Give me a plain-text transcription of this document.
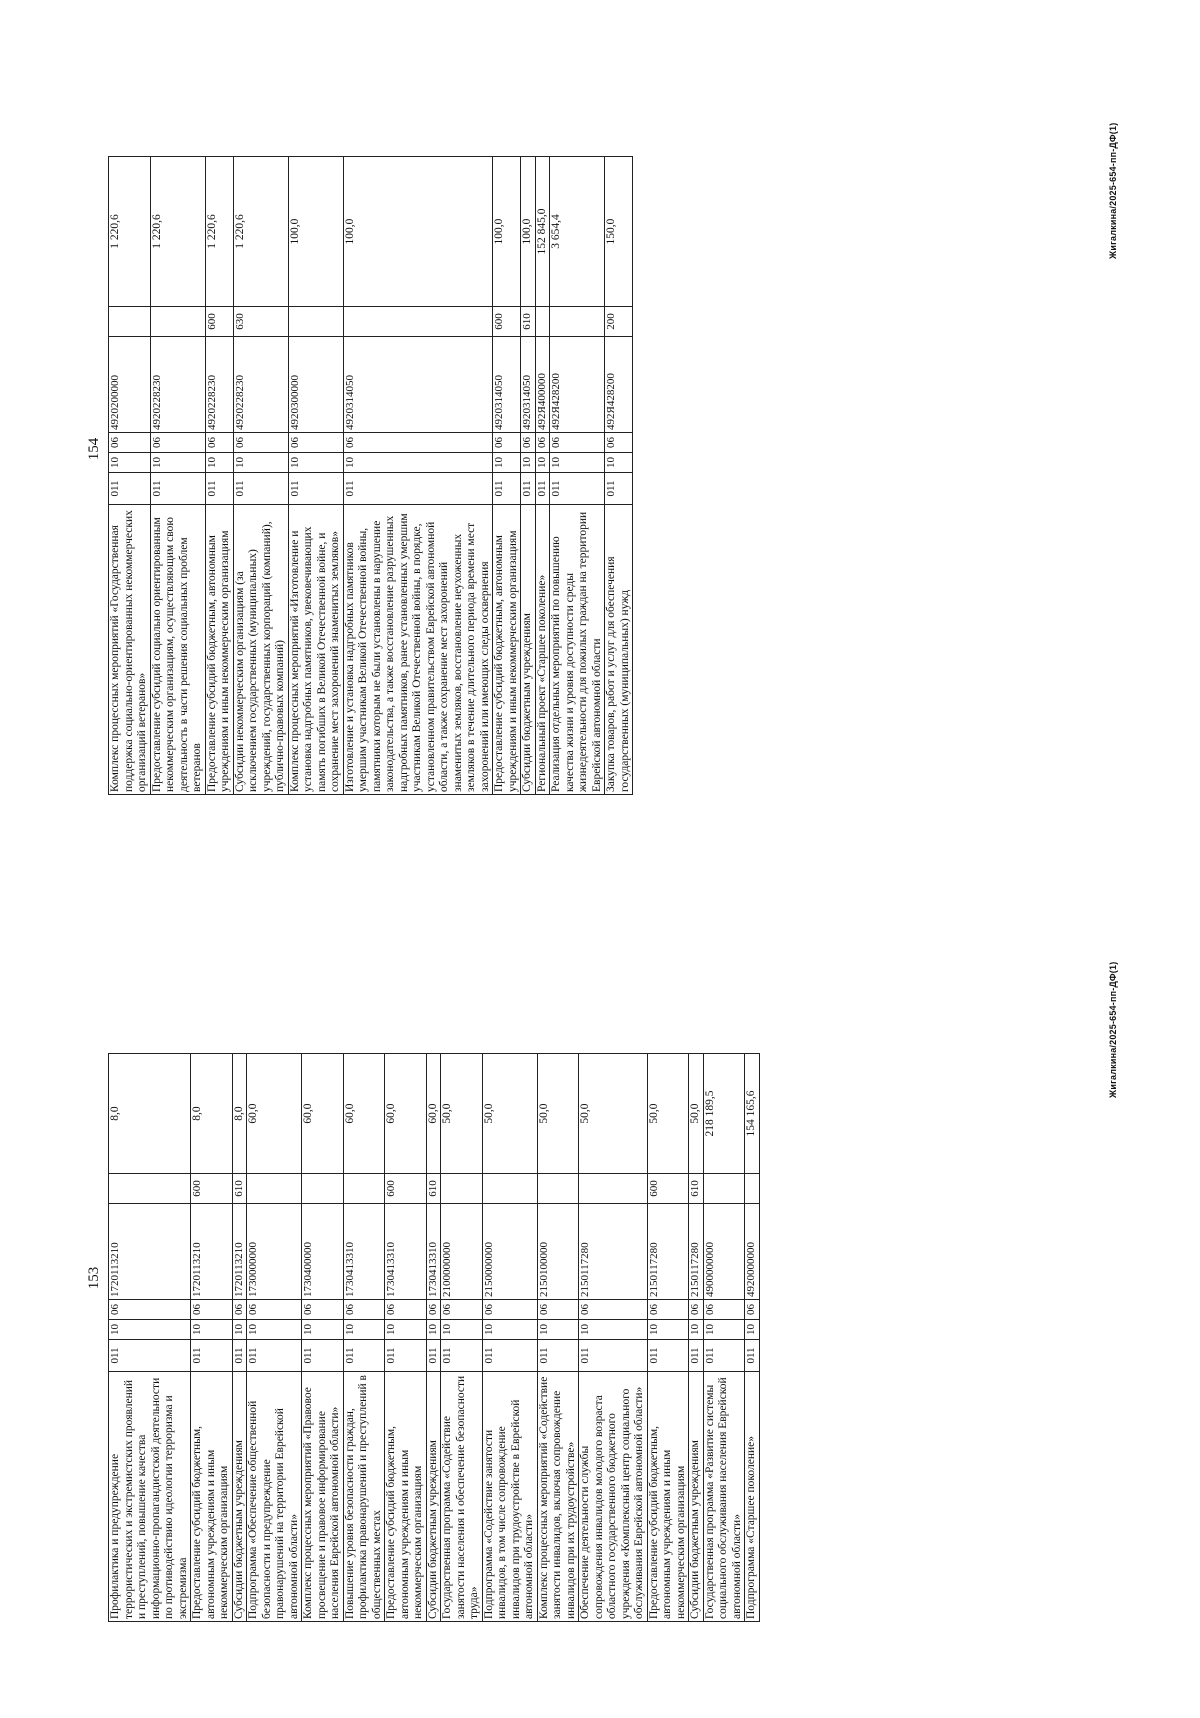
153
Профилактика и предупреждение террористических и экстремистских проявлений и преступлений, повышение качества информационно-пропагандистской деятельности по противодействию идеологии терроризма и экстремизма	011	10	06	1720113210		8,0
Предоставление субсидий бюджетным, автономным учреждениям и иным некоммерческим организациям	011	10	06	1720113210	600	8,0
Субсидии бюджетным учреждениям	011	10	06	1720113210	610	8,0
Подпрограмма «Обеспечение общественной безопасности и предупреждение правонарушений на территории Еврейской автономной области»	011	10	06	1730000000		60,0
Комплекс процессных мероприятий «Правовое просвещение и правовое информирование населения Еврейской автономной области»	011	10	06	1730400000		60,0
Повышение уровня безопасности граждан, профилактика правонарушений и преступлений в общественных местах	011	10	06	1730413310		60,0
Предоставление субсидий бюджетным, автономным учреждениям и иным некоммерческим организациям	011	10	06	1730413310	600	60,0
Субсидии бюджетным учреждениям	011	10	06	1730413310	610	60,0
Государственная программа «Содействие занятости населения и обеспечение безопасности труда»	011	10	06	2100000000		50,0
Подпрограмма «Содействие занятости инвалидов, в том числе сопровождение инвалидов при трудоустройстве в Еврейской автономной области»	011	10	06	2150000000		50,0
Комплекс процессных мероприятий «Содействие занятости инвалидов, включая сопровождение инвалидов при их трудоустройстве»	011	10	06	2150100000		50,0
Обеспечение деятельности службы сопровождения инвалидов молодого возраста областного государственного бюджетного учреждения «Комплексный центр социального обслуживания Еврейской автономной области»	011	10	06	2150117280		50,0
Предоставление субсидий бюджетным, автономным учреждениям и иным некоммерческим организациям	011	10	06	2150117280	600	50,0
Субсидии бюджетным учреждениям	011	10	06	2150117280	610	50,0
Государственная программа «Развитие системы социального обслуживания населения Еврейской автономной области»	011	10	06	4900000000		218 189,5
Подпрограмма «Старшее поколение»	011	10	06	4920000000		154 165,6
Жигалкина/2025-654-пп-ДФ(1)
154
Комплекс процессных мероприятий «Государственная поддержка социально-ориентированных некоммерческих организаций ветеранов»	011	10	06	4920200000		1 220,6
Предоставление субсидий социально ориентированным некоммерческим организациям, осуществляющим свою деятельность в части решения социальных проблем ветеранов	011	10	06	4920228230		1 220,6
Предоставление субсидий бюджетным, автономным учреждениям и иным некоммерческим организациям	011	10	06	4920228230	600	1 220,6
Субсидии некоммерческим организациям (за исключением государственных (муниципальных) учреждений, государственных корпораций (компаний), публично-правовых компаний)	011	10	06	4920228230	630	1 220,6
Комплекс процессных мероприятий «Изготовление и установка надгробных памятников, увековечивающих память погибших в Великой Отечественной войне, и сохранение мест захоронений знаменитых земляков»	011	10	06	4920300000		100,0
Изготовление и установка надгробных памятников умершим участникам Великой Отечественной войны, памятники которым не были установлены в нарушение законодательства, а также восстановление разрушенных надгробных памятников, ранее установленных умершим участникам Великой Отечественной войны, в порядке, установленном правительством Еврейской автономной области, а также сохранение мест захоронений знаменитых земляков, восстановление неухоженных земляков в течение длительного периода времени мест захоронений или имеющих следы осквернения	011	10	06	4920314050		100,0
Предоставление субсидий бюджетным, автономным учреждениям и иным некоммерческим организациям	011	10	06	4920314050	600	100,0
Субсидии бюджетным учреждениям	011	10	06	4920314050	610	100,0
Региональный проект «Старшее поколение»	011	10	06	492Я400000		152 845,0
Реализация отдельных мероприятий по повышению качества жизни и уровня доступности среды жизнедеятельности для пожилых граждан на территории Еврейской автономной области	011	10	06	492Я428200		3 654,4
Закупка товаров, работ и услуг для обеспечения государственных (муниципальных) нужд	011	10	06	492Я428200	200	150,0	Жигалкина/2025-654-пп-ДФ(1)
